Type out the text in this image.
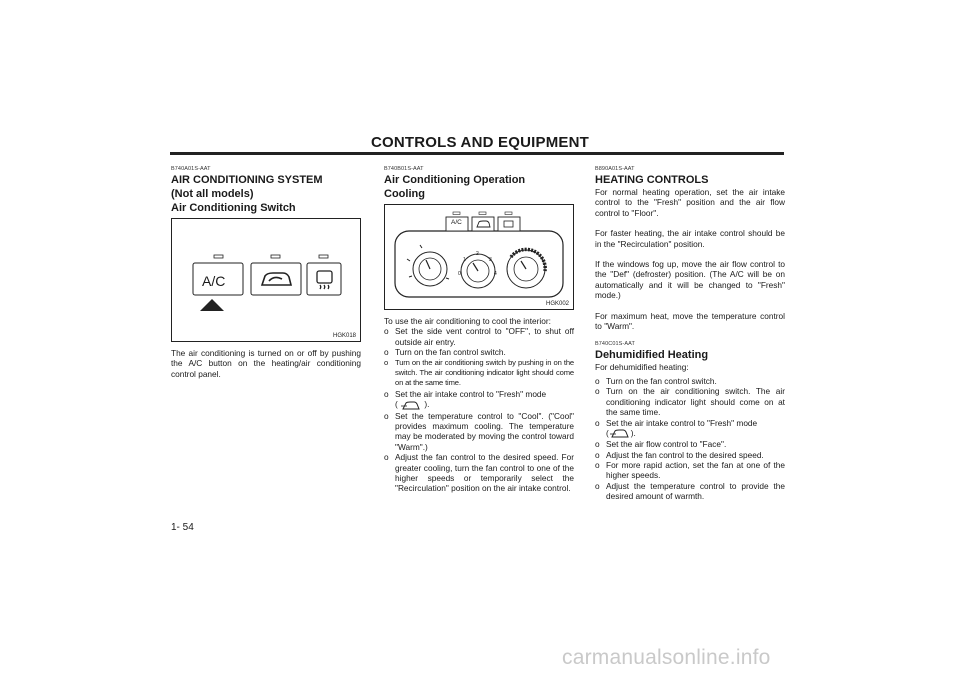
CONTROLS AND EQUIPMENT
B740A01S-AAT
AIR CONDITIONING SYSTEM
(Not all models)
Air Conditioning Switch
A/C
HGK018
The air conditioning is turned on or off by pushing the A/C button on the heating/air conditioning control panel.
B740B01S-AAT
Air Conditioning Operation
Cooling
A/C
0
1
2
3
4
HGK002
To use the air conditioning to cool the interior:
o Set the side vent control to "OFF", to shut off outside air entry.
o Turn on the fan control switch.
o Turn on the air conditioning switch by pushing in on the switch. The air conditioning indicator light should come on at the same time.
o Set the air intake control to "Fresh" mode
(	).
o Set the temperature control to "Cool". ("Cool" provides maximum cooling. The temperature may be moderated by moving the control toward "Warm".)
o Adjust the fan control to the desired speed. For greater cooling, turn the fan control to one of the higher speeds or temporarily select the "Recirculation" position on the air intake control.
B890A01S-AAT
HEATING CONTROLS
For normal heating operation, set the air intake control to the "Fresh" position and the air flow control to "Floor".
For faster heating, the air intake control should be in the "Recirculation" position.
If the windows fog up, move the air flow control to the "Def" (defroster) position. (The A/C will be on automatically and it will be changed to "Fresh" mode.)
For maximum heat, move the temperature control to "Warm".
B740C01S-AAT
Dehumidified Heating
For dehumidified heating:
o Turn on the fan control switch.
o Turn on the air conditioning switch. The air conditioning indicator light should come on at the same time.
o Set the air intake control to "Fresh" mode
(	).
o Set the air flow control to "Face".
o Adjust the fan control to the desired speed.
o For more rapid action, set the fan at one of the higher speeds.
o Adjust the temperature control to provide the desired amount of warmth.
1- 54
carmanualsonline.info
